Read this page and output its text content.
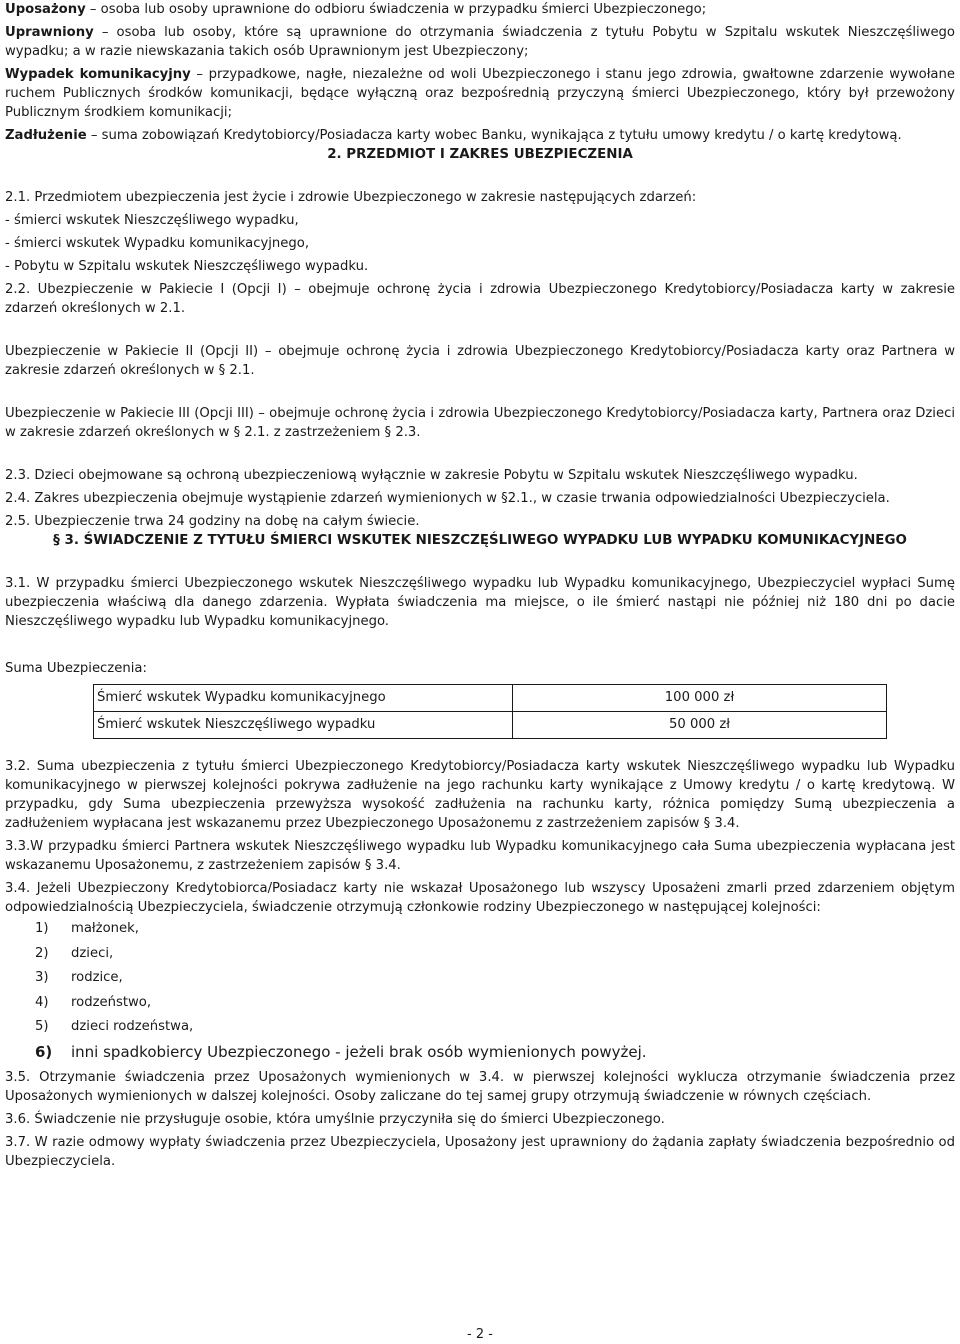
Uposażony – osoba lub osoby uprawnione do odbioru świadczenia w przypadku śmierci Ubezpieczonego;

Uprawniony – osoba lub osoby, które są uprawnione do otrzymania świadczenia z tytułu Pobytu w Szpitalu wskutek Nieszczęśliwego wypadku; a w razie niewskazania takich osób Uprawnionym jest Ubezpieczony;

Wypadek komunikacyjny – przypadkowe, nagłe, niezależne od woli Ubezpieczonego i stanu jego zdrowia, gwałtowne zdarzenie wywołane ruchem Publicznych środków komunikacji, będące wyłączną oraz bezpośrednią przyczyną śmierci Ubezpieczonego, który był przewożony Publicznym środkiem komunikacji;

Zadłużenie – suma zobowiązań Kredytobiorcy/Posiadacza karty wobec Banku, wynikająca z tytułu umowy kredytu / o kartę kredytową.

2. PRZEDMIOT I ZAKRES UBEZPIECZENIA

2.1. Przedmiotem ubezpieczenia jest życie i zdrowie Ubezpieczonego w zakresie następujących zdarzeń:

- śmierci wskutek Nieszczęśliwego wypadku,

- śmierci wskutek Wypadku komunikacyjnego,

- Pobytu w Szpitalu wskutek Nieszczęśliwego wypadku.

2.2. Ubezpieczenie w Pakiecie I (Opcji I) – obejmuje ochronę życia i zdrowia Ubezpieczonego Kredytobiorcy/Posiadacza karty w zakresie zdarzeń określonych w 2.1.

Ubezpieczenie w Pakiecie II (Opcji II) – obejmuje ochronę życia i zdrowia Ubezpieczonego Kredytobiorcy/Posiadacza karty oraz Partnera w zakresie zdarzeń określonych w § 2.1.

Ubezpieczenie w Pakiecie III (Opcji III) – obejmuje ochronę życia i zdrowia Ubezpieczonego Kredytobiorcy/Posiadacza karty, Partnera oraz Dzieci w zakresie zdarzeń określonych w § 2.1. z zastrzeżeniem § 2.3.

2.3. Dzieci obejmowane są ochroną ubezpieczeniową wyłącznie w zakresie Pobytu w Szpitalu wskutek Nieszczęśliwego wypadku.

2.4. Zakres ubezpieczenia obejmuje wystąpienie zdarzeń wymienionych w §2.1., w czasie trwania odpowiedzialności Ubezpieczyciela.

2.5. Ubezpieczenie trwa 24 godziny na dobę na całym świecie.

§ 3. ŚWIADCZENIE Z TYTUŁU ŚMIERCI WSKUTEK NIESZCZĘŚLIWEGO WYPADKU LUB WYPADKU KOMUNIKACYJNEGO

3.1. W przypadku śmierci Ubezpieczonego wskutek Nieszczęśliwego wypadku lub Wypadku komunikacyjnego, Ubezpieczyciel wypłaci Sumę ubezpieczenia właściwą dla danego zdarzenia. Wypłata świadczenia ma miejsce, o ile śmierć nastąpi nie później niż 180 dni po dacie Nieszczęśliwego wypadku lub Wypadku komunikacyjnego.

Suma Ubezpieczenia:

Śmierć wskutek Wypadku komunikacyjnego	100 000 zł
Śmierć wskutek Nieszczęśliwego wypadku	50 000 zł

3.2. Suma ubezpieczenia z tytułu śmierci Ubezpieczonego Kredytobiorcy/Posiadacza karty wskutek Nieszczęśliwego wypadku lub Wypadku komunikacyjnego w pierwszej kolejności pokrywa zadłużenie na jego rachunku karty wynikające z Umowy kredytu / o kartę kredytową. W przypadku, gdy Suma ubezpieczenia przewyższa wysokość zadłużenia na rachunku karty, różnica pomiędzy Sumą ubezpieczenia a zadłużeniem wypłacana jest wskazanemu przez Ubezpieczonego Uposażonemu z zastrzeżeniem zapisów § 3.4.

3.3.W przypadku śmierci Partnera wskutek Nieszczęśliwego wypadku lub Wypadku komunikacyjnego cała Suma ubezpieczenia wypłacana jest wskazanemu Uposażonemu, z zastrzeżeniem zapisów § 3.4.

3.4. Jeżeli Ubezpieczony Kredytobiorca/Posiadacz karty nie wskazał Uposażonego lub wszyscy Uposażeni zmarli przed zdarzeniem objętym odpowiedzialnością Ubezpieczyciela, świadczenie otrzymują członkowie rodziny Ubezpieczonego w następującej kolejności:

1) małżonek,
2) dzieci,
3) rodzice,
4) rodzeństwo,
5) dzieci rodzeństwa,
6) inni spadkobiercy Ubezpieczonego - jeżeli brak osób wymienionych powyżej.

3.5. Otrzymanie świadczenia przez Uposażonych wymienionych w 3.4. w pierwszej kolejności wyklucza otrzymanie świadczenia przez Uposażonych wymienionych w dalszej kolejności. Osoby zaliczane do tej samej grupy otrzymują świadczenie w równych częściach.

3.6. Świadczenie nie przysługuje osobie, która umyślnie przyczyniła się do śmierci Ubezpieczonego.

3.7. W razie odmowy wypłaty świadczenia przez Ubezpieczyciela, Uposażony jest uprawniony do żądania zapłaty świadczenia bezpośrednio od Ubezpieczyciela.

- 2 -
